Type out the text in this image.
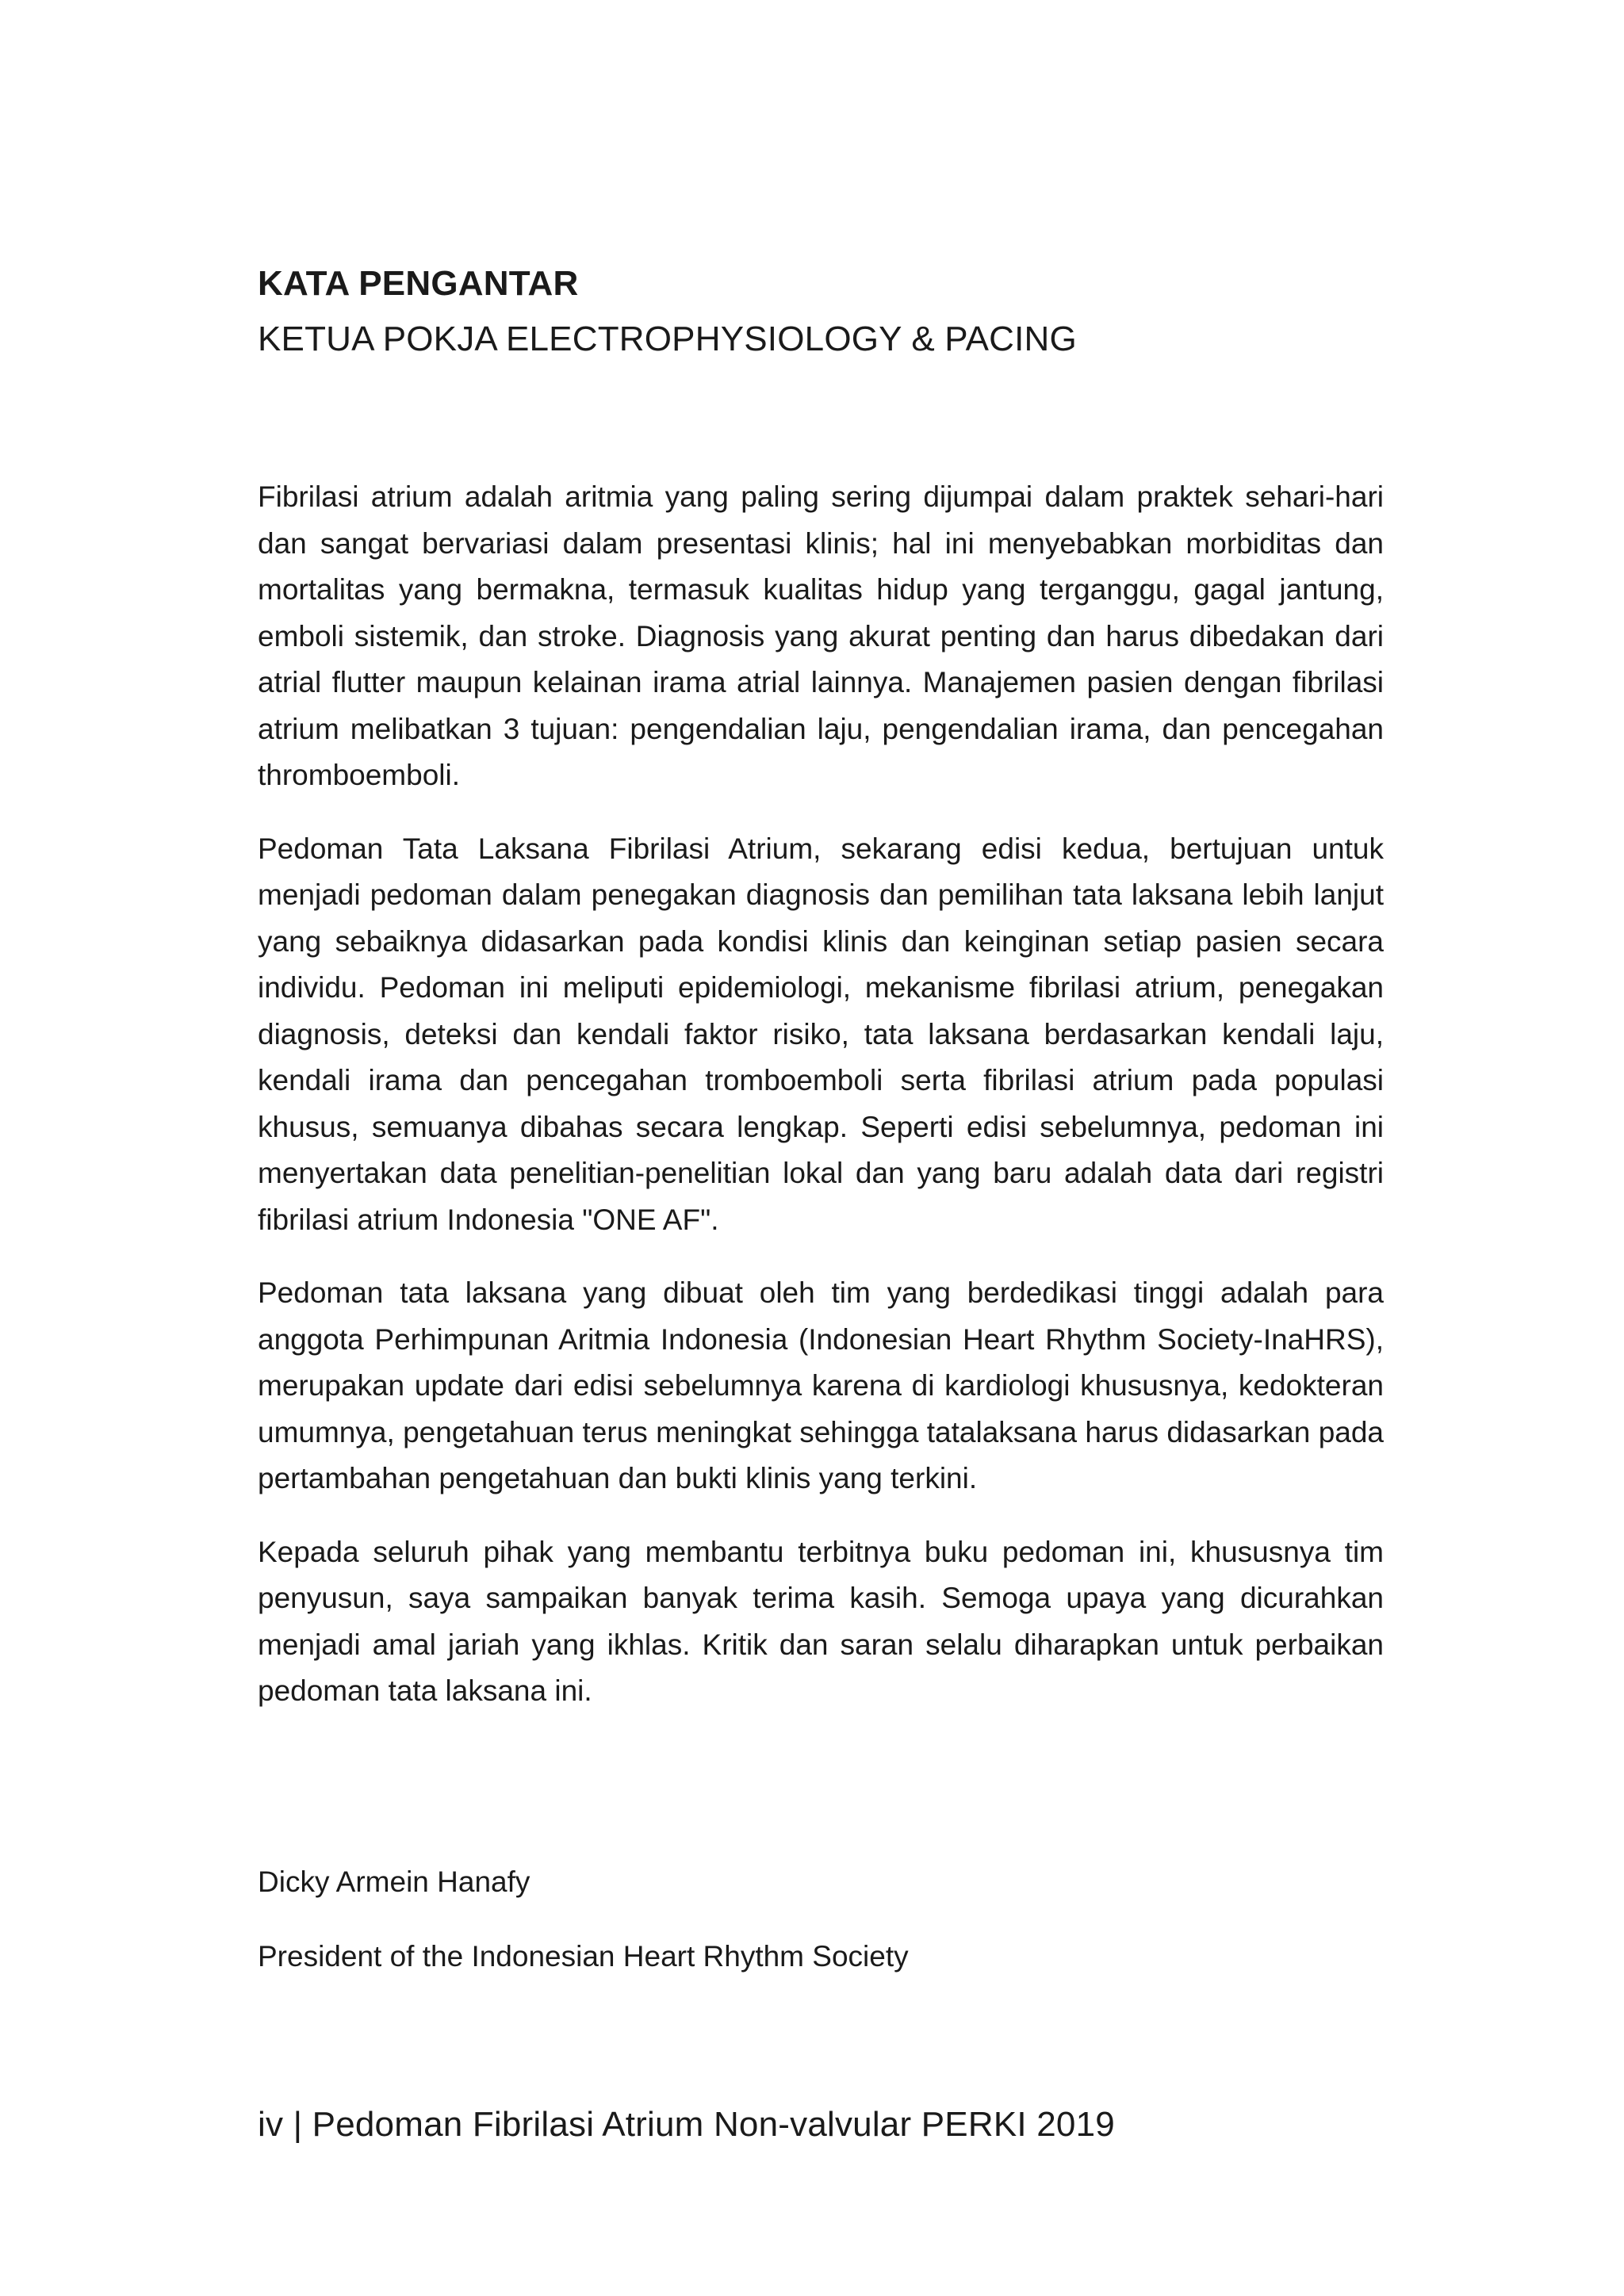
KATA PENGANTAR
KETUA POKJA ELECTROPHYSIOLOGY & PACING

Fibrilasi atrium adalah aritmia yang paling sering dijumpai dalam praktek sehari-hari dan sangat bervariasi dalam presentasi klinis; hal ini menyebabkan morbiditas dan mortalitas yang bermakna, termasuk kualitas hidup yang terganggu, gagal jantung, emboli sistemik, dan stroke. Diagnosis yang akurat penting dan harus dibedakan dari atrial flutter maupun kelainan irama atrial lainnya. Manajemen pasien dengan fibrilasi atrium melibatkan 3 tujuan: pengendalian laju, pengendalian irama, dan pencegahan thromboemboli.

Pedoman Tata Laksana Fibrilasi Atrium, sekarang edisi kedua, bertujuan untuk menjadi pedoman dalam penegakan diagnosis dan pemilihan tata laksana lebih lanjut yang sebaiknya didasarkan pada kondisi klinis dan keinginan setiap pasien secara individu. Pedoman ini meliputi epidemiologi, mekanisme fibrilasi atrium, penegakan diagnosis, deteksi dan kendali faktor risiko, tata laksana berdasarkan kendali laju, kendali irama dan pencegahan tromboemboli serta fibrilasi atrium pada populasi khusus, semuanya dibahas secara lengkap. Seperti edisi sebelumnya, pedoman ini menyertakan data penelitian-penelitian lokal dan yang baru adalah data dari registri fibrilasi atrium Indonesia "ONE AF".

Pedoman tata laksana yang dibuat oleh tim yang berdedikasi tinggi adalah para anggota Perhimpunan Aritmia Indonesia (Indonesian Heart Rhythm Society-InaHRS), merupakan update dari edisi sebelumnya karena di kardiologi khususnya, kedokteran umumnya, pengetahuan terus meningkat sehingga tatalaksana harus didasarkan pada pertambahan pengetahuan dan bukti klinis yang terkini.

Kepada seluruh pihak yang membantu terbitnya buku pedoman ini, khususnya tim penyusun, saya sampaikan banyak terima kasih. Semoga upaya yang dicurahkan menjadi amal jariah yang ikhlas. Kritik dan saran selalu diharapkan untuk perbaikan pedoman tata laksana ini.

Dicky Armein Hanafy

President of the Indonesian Heart Rhythm Society

iv | Pedoman Fibrilasi Atrium Non-valvular PERKI 2019
